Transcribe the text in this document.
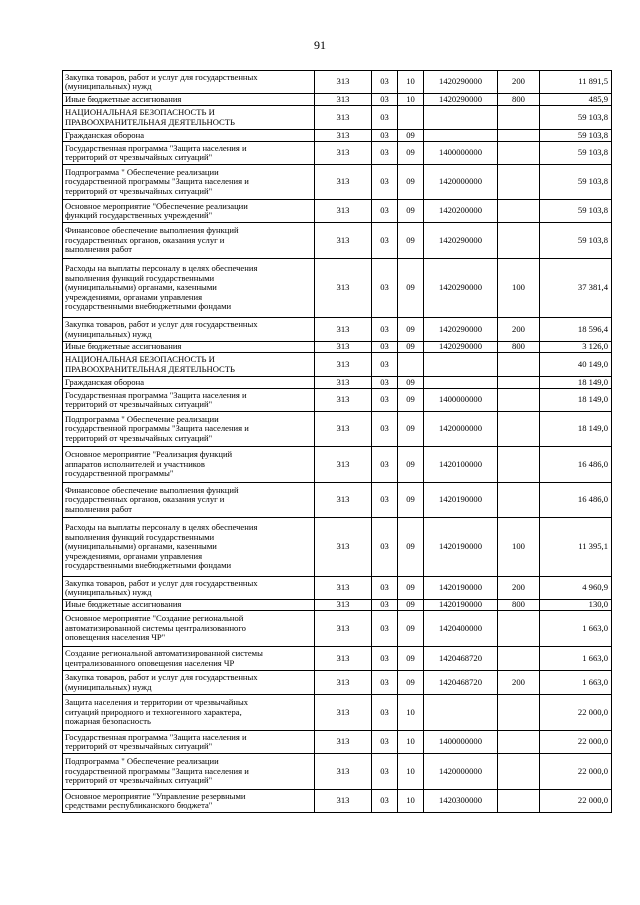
91
Закупка товаров, работ и услуг для государственных
(муниципальных) нужд	313	03	10	1420290000	200	11 891,5
Иные бюджетные ассигнования	313	03	10	1420290000	800	485,9
НАЦИОНАЛЬНАЯ БЕЗОПАСНОСТЬ И
ПРАВООХРАНИТЕЛЬНАЯ ДЕЯТЕЛЬНОСТЬ	313	03				59 103,8
Гражданская оборона	313	03	09			59 103,8
Государственная программа "Защита населения и
территорий от чрезвычайных ситуаций"	313	03	09	1400000000		59 103,8
Подпрограмма " Обеспечение реализации
государственной программы "Защита населения и
территорий от чрезвычайных ситуаций"	313	03	09	1420000000		59 103,8
Основное мероприятие "Обеспечение реализации
функций государственных учреждений"	313	03	09	1420200000		59 103,8
Финансовое обеспечение выполнения функций
государственных органов, оказания услуг и
выполнения работ	313	03	09	1420290000		59 103,8
Расходы на выплаты персоналу в целях обеспечения
выполнения функций государственными
(муниципальными) органами, казенными
учреждениями, органами управления
государственными внебюджетными фондами	313	03	09	1420290000	100	37 381,4
Закупка товаров, работ и услуг для государственных
(муниципальных) нужд	313	03	09	1420290000	200	18 596,4
Иные бюджетные ассигнования	313	03	09	1420290000	800	3 126,0
НАЦИОНАЛЬНАЯ БЕЗОПАСНОСТЬ И
ПРАВООХРАНИТЕЛЬНАЯ ДЕЯТЕЛЬНОСТЬ	313	03				40 149,0
Гражданская оборона	313	03	09			18 149,0
Государственная программа "Защита населения и
территорий от чрезвычайных ситуаций"	313	03	09	1400000000		18 149,0
Подпрограмма " Обеспечение реализации
государственной программы "Защита населения и
территорий от чрезвычайных ситуаций"	313	03	09	1420000000		18 149,0
Основное мероприятие "Реализация функций
аппаратов исполнителей и участников
государственной программы"	313	03	09	1420100000		16 486,0
Финансовое обеспечение выполнения функций
государственных органов, оказания услуг и
выполнения работ	313	03	09	1420190000		16 486,0
Расходы на выплаты персоналу в целях обеспечения
выполнения функций государственными
(муниципальными) органами, казенными
учреждениями, органами управления
государственными внебюджетными фондами	313	03	09	1420190000	100	11 395,1
Закупка товаров, работ и услуг для государственных
(муниципальных) нужд	313	03	09	1420190000	200	4 960,9
Иные бюджетные ассигнования	313	03	09	1420190000	800	130,0
Основное мероприятие "Создание региональной
автоматизированной системы централизованного
оповещения населения ЧР"	313	03	09	1420400000		1 663,0
Создание региональной автоматизированной системы
централизованного оповещения населения ЧР	313	03	09	1420468720		1 663,0
Закупка товаров, работ и услуг для государственных
(муниципальных) нужд	313	03	09	1420468720	200	1 663,0
Защита населения и территории от чрезвычайных
ситуаций природного и техногенного характера,
пожарная безопасность	313	03	10			22 000,0
Государственная программа "Защита населения и
территорий от чрезвычайных ситуаций"	313	03	10	1400000000		22 000,0
Подпрограмма " Обеспечение реализации
государственной программы "Защита населения и
территорий от чрезвычайных ситуаций"	313	03	10	1420000000		22 000,0
Основное мероприятие "Управление резервными
средствами республиканского бюджета"	313	03	10	1420300000		22 000,0
